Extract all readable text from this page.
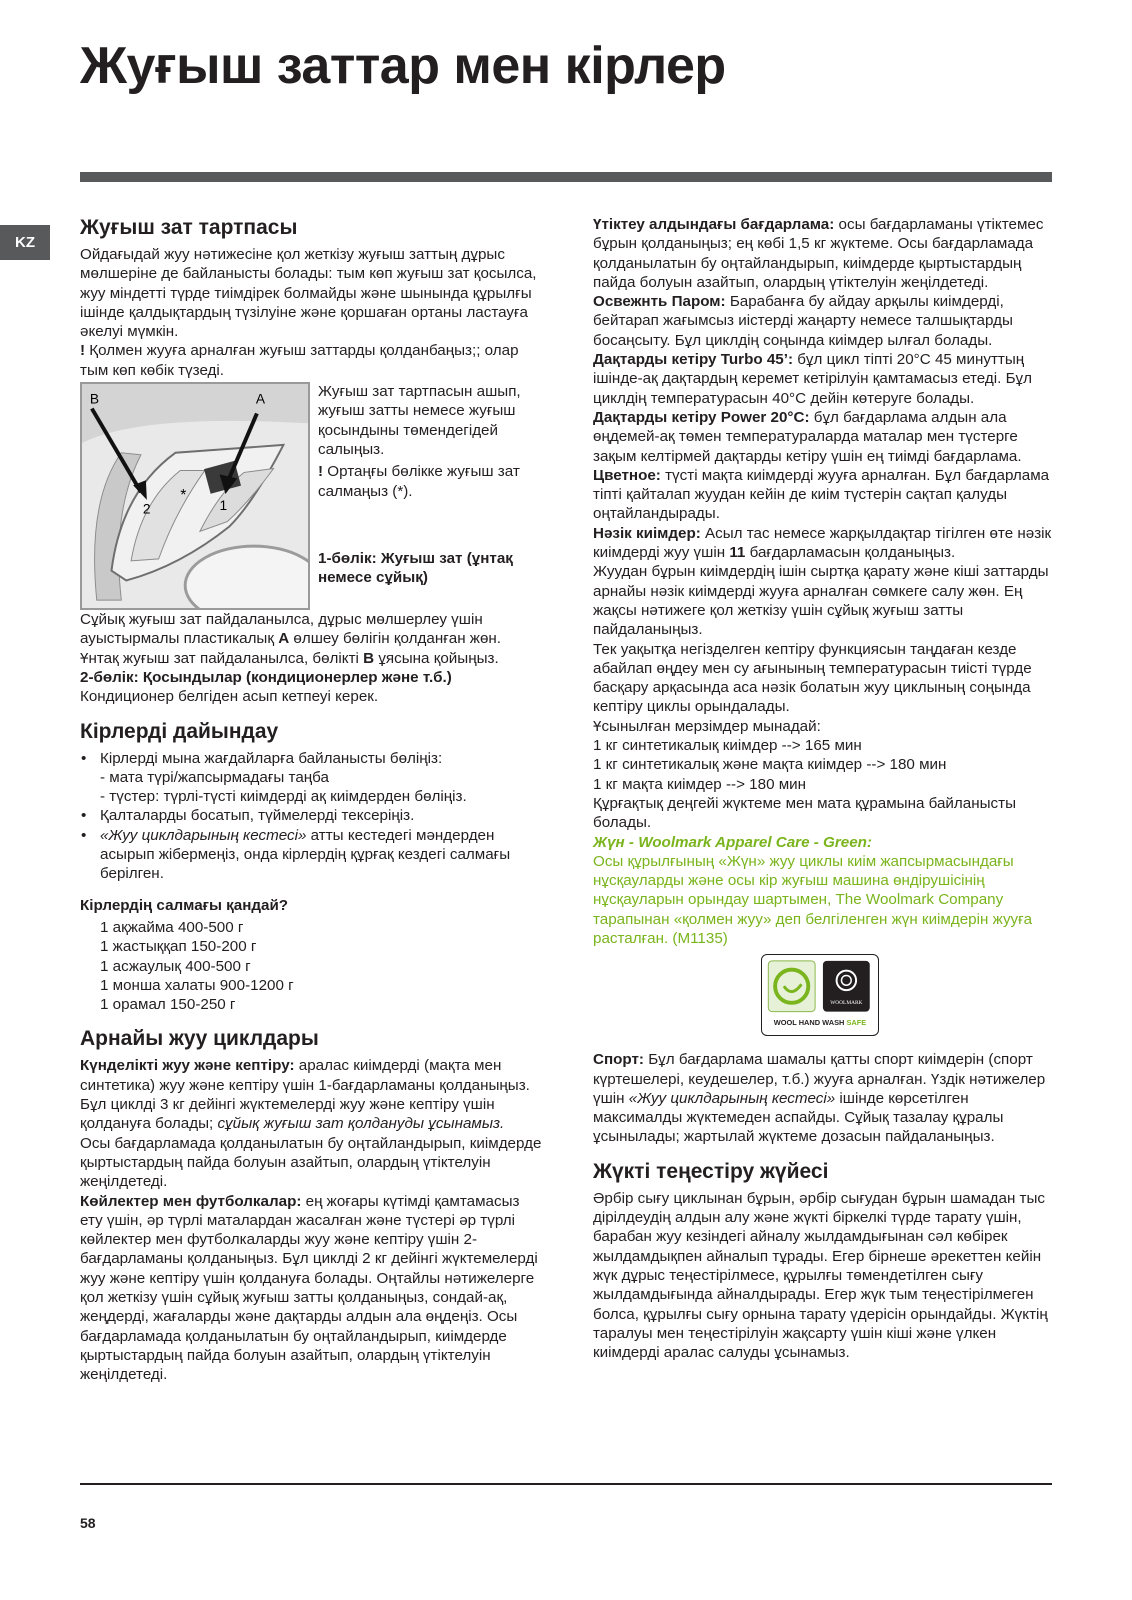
Жуғыш заттар мен кірлер
KZ
Жуғыш зат тартпасы

Ойдағыдай жуу нәтижесіне қол жеткізу жуғыш заттың дұрыс мөлшеріне де байланысты болады: тым көп жуғыш зат қосылса, жуу міндетті түрде тиімдірек болмайды және шынында құрылғы ішінде қалдықтардың түзілуіне және қоршаған ортаны ластауға әкелуі мүмкін.

! Қолмен жууға арналған жуғыш заттарды қолданбаңыз;; олар тым көп көбік түзеді.

B	A
*
2	1

Жуғыш зат тартпасын ашып, жуғыш затты немесе жуғыш қосындыны төмендегідей салыңыз.

! Ортаңғы бөлікке жуғыш зат салмаңыз (*).

1-бөлік: Жуғыш зат (ұнтақ немесе сұйық)

Сұйық жуғыш зат пайдаланылса, дұрыс мөлшерлеу үшін ауыстырмалы пластикалық A өлшеу бөлігін қолданған жөн. Ұнтақ жуғыш зат пайдаланылса, бөлікті B ұясына қойыңыз.

2-бөлік: Қосындылар (кондиционерлер және т.б.)

Кондиционер белгіден асып кетпеуі керек.

Кірлерді дайындау
• Кірлерді мына жағдайларға байланысты бөліңіз:
- мата түрі/жапсырмадағы таңба
- түстер: түрлі-түсті киімдерді ақ киімдерден бөліңіз.
• Қалталарды босатып, түймелерді тексеріңіз.
• «Жуу циклдарының кестесі» атты кестедегі мәндерден асырып жібермеңіз, онда кірлердің құрғақ кездегі салмағы берілген.
Кірлердің салмағы қандай?
1 ақжайма 400-500 г
1 жастыққап 150-200 г
1 асжаулық 400-500 г
1 монша халаты 900-1200 г
1 орамал 150-250 г
Арнайы жуу циклдары

Күнделікті жуу және кептіру: аралас киімдерді (мақта мен синтетика) жуу және кептіру үшін 1-бағдарламаны қолданыңыз. Бұл циклді 3 кг дейінгі жүктемелерді жуу және кептіру үшін қолдануға болады; сұйық жуғыш зат қолдануды ұсынамыз.

Осы бағдарламада қолданылатын бу оңтайландырып, киімдерде қыртыстардың пайда болуын азайтып, олардың үтіктелуін жеңілдетеді.

Көйлектер мен футболкалар: ең жоғары күтімді қамтамасыз ету үшін, әр түрлі маталардан жасалған және түстері әр түрлі көйлектер мен футболкаларды жуу және кептіру үшін 2-бағдарламаны қолданыңыз. Бұл циклді 2 кг дейінгі жүктемелерді жуу және кептіру үшін қолдануға болады. Оңтайлы нәтижелерге қол жеткізу үшін сұйық жуғыш затты қолданыңыз, сондай-ақ, жеңдерді, жағаларды және дақтарды алдын ала өңдеңіз. Осы бағдарламада қолданылатын бу оңтайландырып, киімдерде қыртыстардың пайда болуын азайтып, олардың үтіктелуін жеңілдетеді.

Үтіктеу алдындағы бағдарлама: осы бағдарламаны үтіктемес бұрын қолданыңыз; ең көбі 1,5 кг жүктеме. Осы бағдарламада қолданылатын бу оңтайландырып, киімдерде қыртыстардың пайда болуын азайтып, олардың үтіктелуін жеңілдетеді.

Освежнть Паром: Барабанға бу айдау арқылы киімдерді, бейтарап жағымсыз иістерді жаңарту немесе талшықтарды босаңсыту. Бұл циклдің соңында киімдер ылғал болады.

Дақтарды кетіру Turbo 45’: бұл цикл тіпті 20°C 45 минуттың ішінде-ақ дақтардың керемет кетірілуін қамтамасыз етеді. Бұл циклдің температурасын 40°C дейін көтеруге болады.

Дақтарды кетіру Power 20°C: бұл бағдарлама алдын ала өңдемей-ақ төмен температураларда маталар мен түстерге зақым келтірмей дақтарды кетіру үшін ең тиімді бағдарлама.

Цветное: түсті мақта киімдерді жууға арналған. Бұл бағдарлама тіпті қайталап жуудан кейін де киім түстерін сақтап қалуды оңтайландырады.

Нәзік киімдер: Асыл тас немесе жарқылдақтар тігілген өте нәзік киімдерді жуу үшін 11 бағдарламасын қолданыңыз.

Жуудан бұрын киімдердің ішін сыртқа қарату және кіші заттарды арнайы нәзік киімдерді жууға арналған сөмкеге салу жөн. Ең жақсы нәтижеге қол жеткізу үшін сұйық жуғыш затты пайдаланыңыз.

Тек уақытқа негізделген кептіру функциясын таңдаған кезде абайлап өңдеу мен су ағынының температурасын тиісті түрде басқару арқасында аса нәзік болатын жуу циклының соңында кептіру циклы орындалады.

Ұсынылған мерзімдер мынадай:

1 кг синтетикалық киімдер --> 165 мин

1 кг синтетикалық және мақта киімдер --> 180 мин

1 кг мақта киімдер --> 180 мин

Құрғақтық деңгейі жүктеме мен мата құрамына байланысты болады.

Жүн - Woolmark Apparel Care - Green:

Осы құрылғының «Жүн» жуу циклы киім жапсырмасындағы нұсқауларды және осы кір жуғыш машина өндірушісінің нұсқауларын орындау шартымен, The Woolmark Company тарапынан «қолмен жуу» деп белгіленген жүн киімдерін жууға расталған. (M1135)

WOOLMARK
WOOL HAND WASH SAFE

Спорт: Бұл бағдарлама шамалы қатты спорт киімдерін (спорт күртешелері, кеудешелер, т.б.) жууға арналған. Үздік нәтижелер үшін «Жуу циклдарының кестесі» ішінде көрсетілген максималды жүктемеден аспайды. Сұйық тазалау құралы ұсынылады; жартылай жүктеме дозасын пайдаланыңыз.

Жүкті теңестіру жүйесі

Әрбір сығу циклынан бұрын, әрбір сығудан бұрын шамадан тыс дірілдеудің алдын алу және жүкті біркелкі түрде тарату үшін, барабан жуу кезіндегі айналу жылдамдығынан сәл көбірек жылдамдықпен айналып тұрады. Егер бірнеше әрекеттен кейін жүк дұрыс теңестірілмесе, құрылғы төмендетілген сығу жылдамдығында айналдырады. Егер жүк тым теңестірілмеген болса, құрылғы сығу орнына тарату үдерісін орындайды. Жүктің таралуы мен теңестірілуін жақсарту үшін кіші және үлкен киімдерді аралас салуды ұсынамыз.

58
